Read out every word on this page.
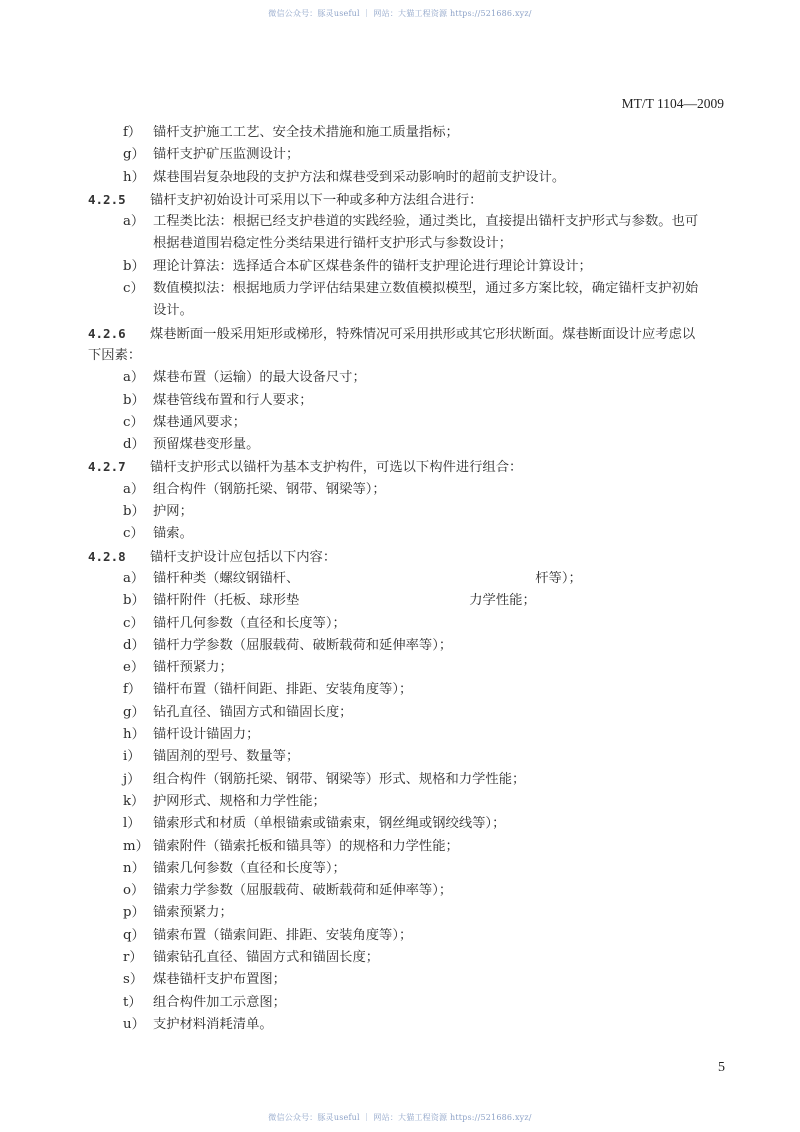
微信公众号：豚灵useful ｜ 网站：大猫工程资源 https://521686.xyz/
MT/T 1104—2009
f） 锚杆支护施工工艺、安全技术措施和施工质量指标；
g） 锚杆支护矿压监测设计；
h） 煤巷围岩复杂地段的支护方法和煤巷受到采动影响时的超前支护设计。
4.2.5 锚杆支护初始设计可采用以下一种或多种方法组合进行：
a） 工程类比法：根据已经支护巷道的实践经验，通过类比，直接提出锚杆支护形式与参数。也可
根据巷道围岩稳定性分类结果进行锚杆支护形式与参数设计；
b） 理论计算法：选择适合本矿区煤巷条件的锚杆支护理论进行理论计算设计；
c） 数值模拟法：根据地质力学评估结果建立数值模拟模型，通过多方案比较，确定锚杆支护初始
设计。
4.2.6 煤巷断面一般采用矩形或梯形，特殊情况可采用拱形或其它形状断面。煤巷断面设计应考虑以
下因素：
a） 煤巷布置（运输）的最大设备尺寸；
b） 煤巷管线布置和行人要求；
c） 煤巷通风要求；
d） 预留煤巷变形量。
4.2.7 锚杆支护形式以锚杆为基本支护构件，可选以下构件进行组合：
a） 组合构件（钢筋托梁、钢带、钢梁等）；
b） 护网；
c） 锚索。
4.2.8 锚杆支护设计应包括以下内容：
a） 锚杆种类（螺纹钢锚杆、	杆等）；
b） 锚杆附件（托板、球形垫	力学性能；
c） 锚杆几何参数（直径和长度等）；
d） 锚杆力学参数（屈服载荷、破断载荷和延伸率等）；
e） 锚杆预紧力；
f） 锚杆布置（锚杆间距、排距、安装角度等）；
g） 钻孔直径、锚固方式和锚固长度；
h） 锚杆设计锚固力；
i） 锚固剂的型号、数量等；
j） 组合构件（钢筋托梁、钢带、钢梁等）形式、规格和力学性能；
k） 护网形式、规格和力学性能；
l） 锚索形式和材质（单根锚索或锚索束，钢丝绳或钢绞线等）；
m） 锚索附件（锚索托板和锚具等）的规格和力学性能；
n） 锚索几何参数（直径和长度等）；
o） 锚索力学参数（屈服载荷、破断载荷和延伸率等）；
p） 锚索预紧力；
q） 锚索布置（锚索间距、排距、安装角度等）；
r） 锚索钻孔直径、锚固方式和锚固长度；
s） 煤巷锚杆支护布置图；
t） 组合构件加工示意图；
u） 支护材料消耗清单。
5
微信公众号：豚灵useful ｜ 网站：大猫工程资源 https://521686.xyz/
